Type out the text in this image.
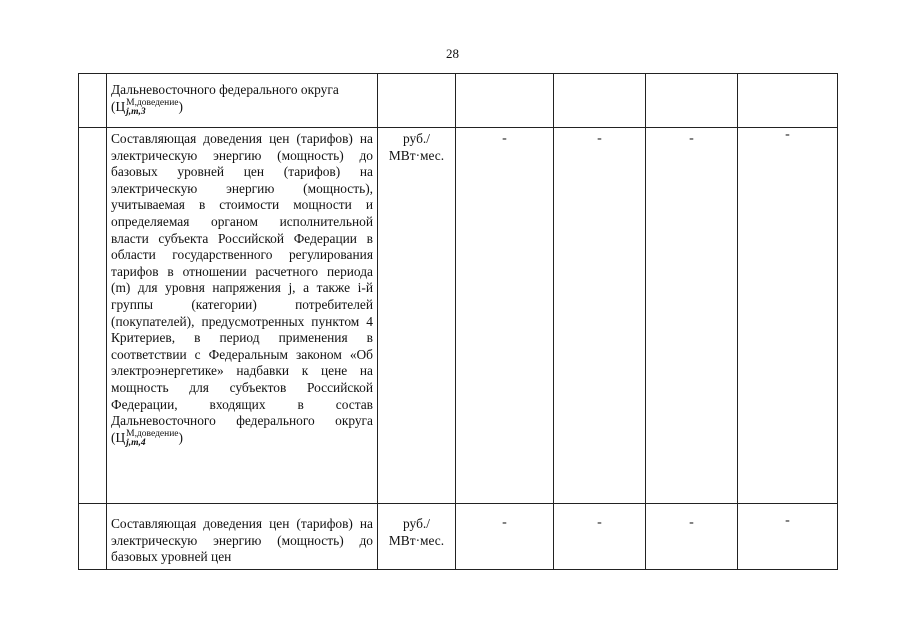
28

	Дальневосточного федерального округа
(Ц М,доведение
j,m,3 )					

	Составляющая доведения цен (тарифов) на электрическую энергию (мощность) до базовых уровней цен (тарифов) на электрическую энергию (мощность), учитываемая в стоимости мощности и определяемая органом исполнительной власти субъекта Российской Федерации в области государственного регулирования тарифов в отношении расчетного периода (m) для уровня напряжения j, а также i-й группы (категории) потребителей (покупателей), предусмотренных пунктом 4 Критериев, в период применения в соответствии с Федеральным законом «Об электроэнергетике» надбавки к цене на мощность для субъектов Российской Федерации, входящих в состав Дальневосточного федерального округа (Ц М,доведение
j,m,4 )	руб./ МВт·мес.	-	-	-	-

	Составляющая доведения цен (тарифов) на электрическую энергию (мощность) до базовых уровней цен	руб./ МВт·мес.	-	-	-	-
